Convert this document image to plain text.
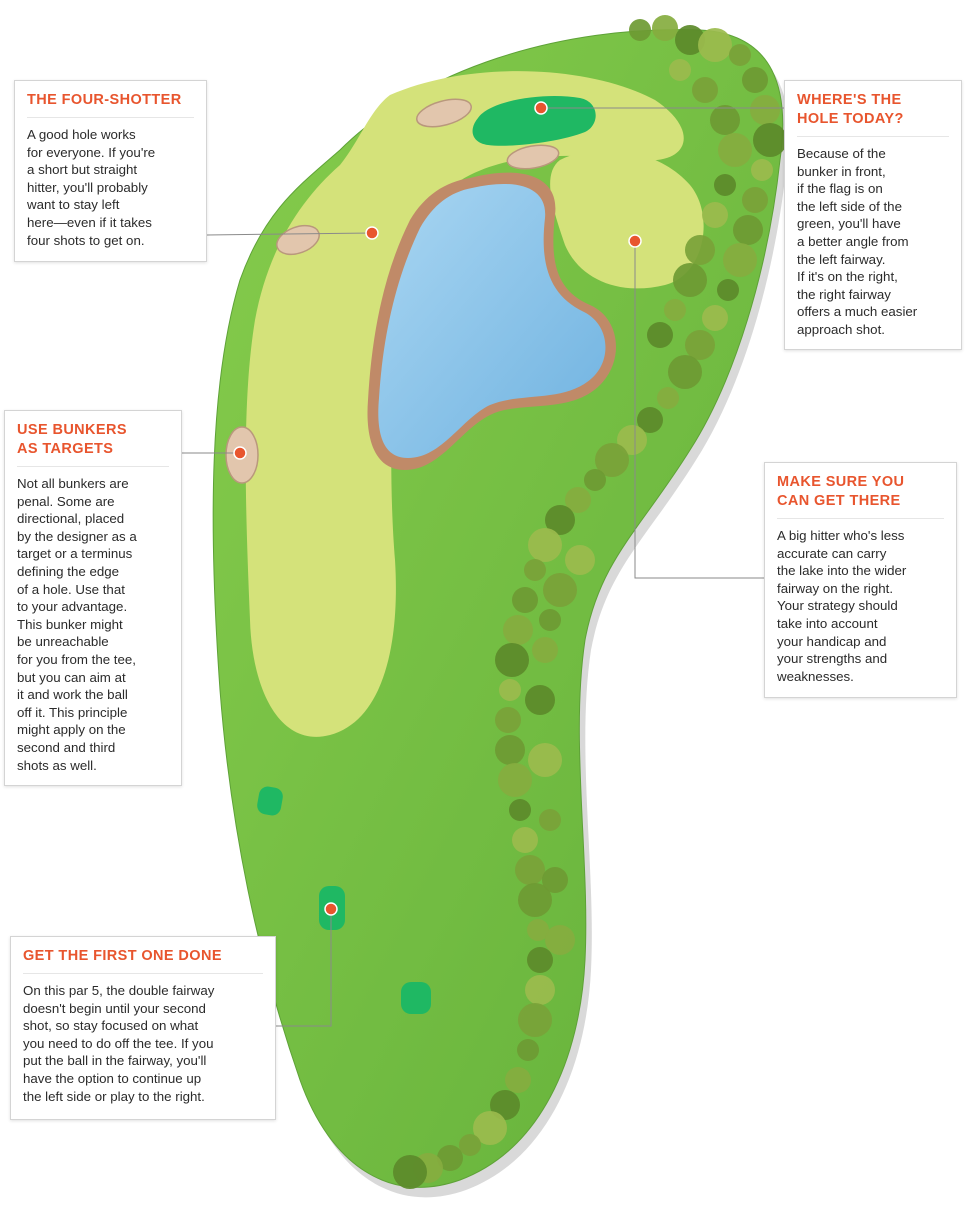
THE FOUR-SHOTTER

A good hole works
for everyone. If you're
a short but straight
hitter, you'll probably
want to stay left
here—even if it takes
four shots to get on.

WHERE'S THE
HOLE TODAY?

Because of the
bunker in front,
if the flag is on
the left side of the
green, you'll have
a better angle from
the left fairway.
If it's on the right,
the right fairway
offers a much easier
approach shot.

USE BUNKERS
AS TARGETS

Not all bunkers are
penal. Some are
directional, placed
by the designer as a
target or a terminus
defining the edge
of a hole. Use that
to your advantage.
This bunker might
be unreachable
for you from the tee,
but you can aim at
it and work the ball
off it. This principle
might apply on the
second and third
shots as well.

MAKE SURE YOU
CAN GET THERE

A big hitter who's less
accurate can carry
the lake into the wider
fairway on the right.
Your strategy should
take into account
your handicap and
your strengths and
weaknesses.

GET THE FIRST ONE DONE

On this par 5, the double fairway
doesn't begin until your second
shot, so stay focused on what
you need to do off the tee. If you
put the ball in the fairway, you'll
have the option to continue up
the left side or play to the right.
